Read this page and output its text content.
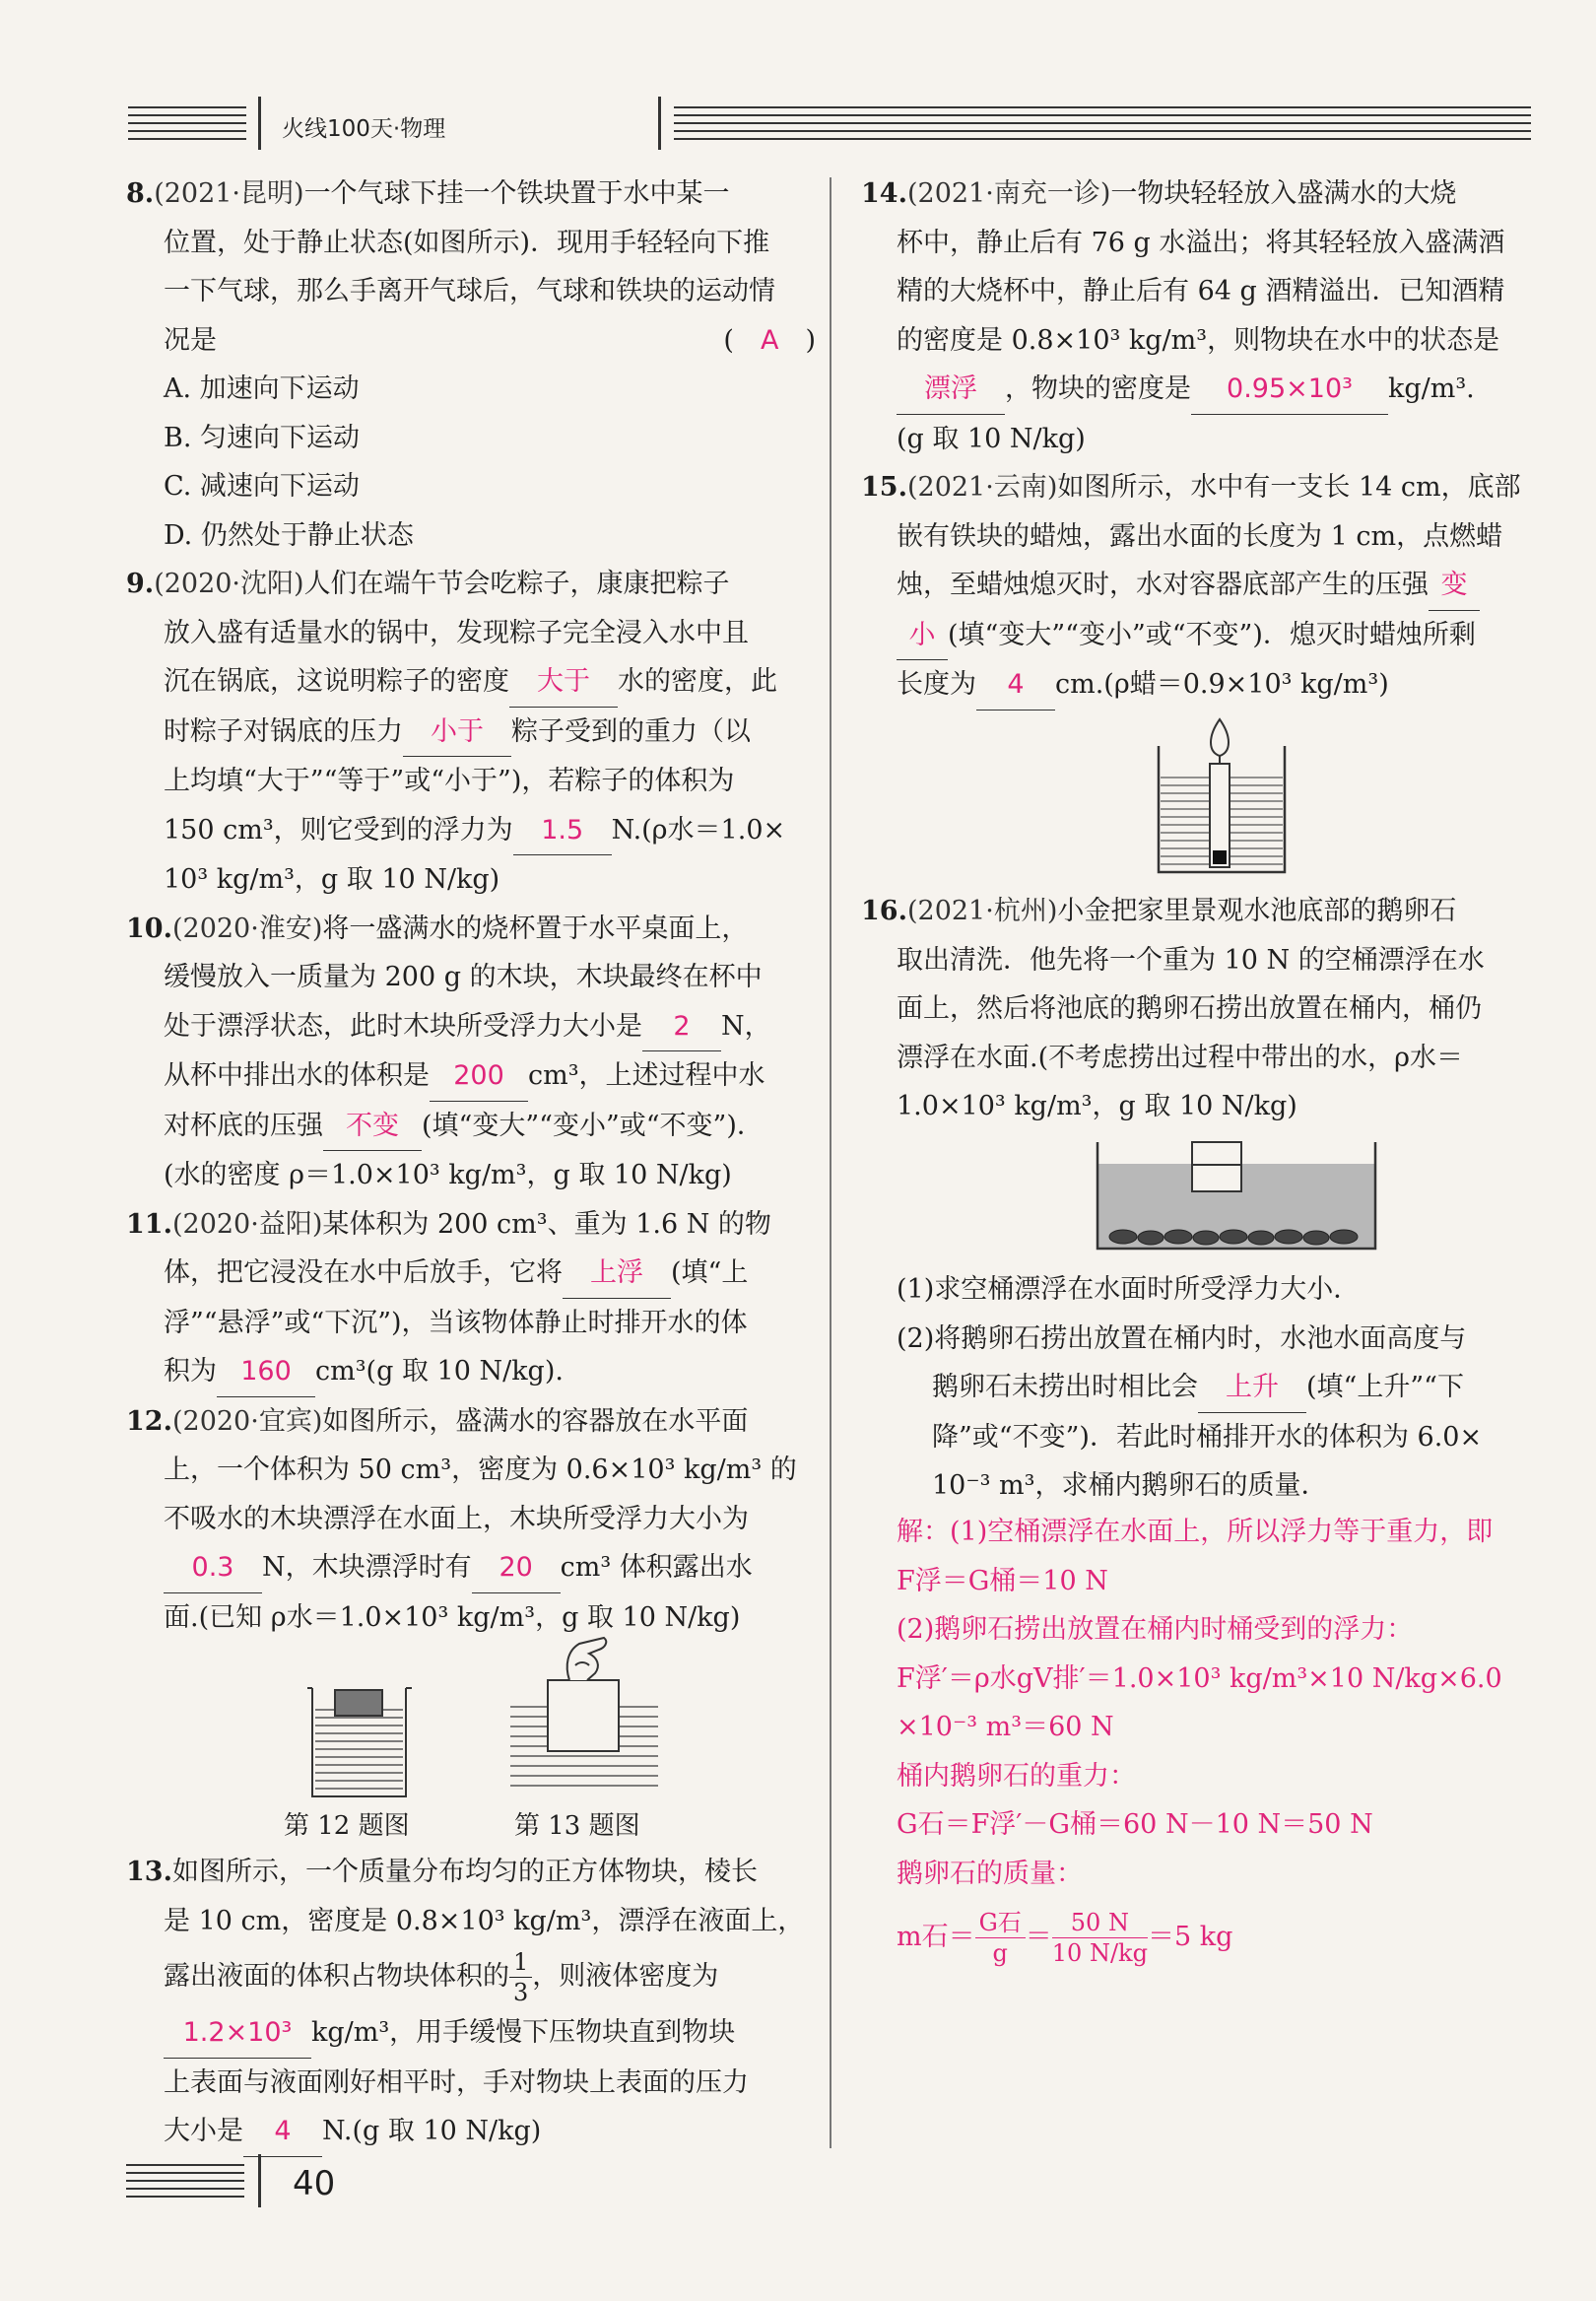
火线100天·物理

8.(2021·昆明)一个气球下挂一个铁块置于水中某一

位置，处于静止状态(如图所示)．现用手轻轻向下推

一下气球，那么手离开气球后，气球和铁块的运动情

况是	(　A　)

A. 加速向下运动

B. 匀速向下运动

C. 减速向下运动

D. 仍然处于静止状态

9.(2020·沈阳)人们在端午节会吃粽子，康康把粽子

放入盛有适量水的锅中，发现粽子完全浸入水中且

沉在锅底，这说明粽子的密度 大于 水的密度，此

时粽子对锅底的压力 小于 粽子受到的重力（以

上均填“大于”“等于”或“小于”)，若粽子的体积为

150 cm³，则它受到的浮力为 1.5 N.(ρ水＝1.0×

10³ kg/m³，g 取 10 N/kg)

10.(2020·淮安)将一盛满水的烧杯置于水平桌面上，

缓慢放入一质量为 200 g 的木块，木块最终在杯中

处于漂浮状态，此时木块所受浮力大小是 2 N，

从杯中排出水的体积是 200 cm³，上述过程中水

对杯底的压强 不变 (填“变大”“变小”或“不变”)．

(水的密度 ρ＝1.0×10³ kg/m³，g 取 10 N/kg)

11.(2020·益阳)某体积为 200 cm³、重为 1.6 N 的物

体，把它浸没在水中后放手，它将 上浮 (填“上

浮”“悬浮”或“下沉”)，当该物体静止时排开水的体

积为 160 cm³(g 取 10 N/kg).

12.(2020·宜宾)如图所示，盛满水的容器放在水平面

上，一个体积为 50 cm³，密度为 0.6×10³ kg/m³ 的

不吸水的木块漂浮在水面上，木块所受浮力大小为

0.3 N，木块漂浮时有 20 cm³ 体积露出水

面.(已知 ρ水＝1.0×10³ kg/m³，g 取 10 N/kg)

第 12 题图	第 13 题图

13.如图所示，一个质量分布均匀的正方体物块，棱长

是 10 cm，密度是 0.8×10³ kg/m³，漂浮在液面上，

露出液面的体积占物块体积的 $\frac{1}{3}$ ，则液体密度为

1.2×10³ kg/m³，用手缓慢下压物块直到物块

上表面与液面刚好相平时，手对物块上表面的压力

大小是 4 N.(g 取 10 N/kg)

14.(2021·南充一诊)一物块轻轻放入盛满水的大烧

杯中，静止后有 76 g 水溢出；将其轻轻放入盛满酒

精的大烧杯中，静止后有 64 g 酒精溢出．已知酒精

的密度是 0.8×10³ kg/m³，则物块在水中的状态是

漂浮 ，物块的密度是 0.95×10³ kg/m³.

(g 取 10 N/kg)

15.(2021·云南)如图所示，水中有一支长 14 cm，底部

嵌有铁块的蜡烛，露出水面的长度为 1 cm，点燃蜡

烛，至蜡烛熄灭时，水对容器底部产生的压强 变

小 (填“变大”“变小”或“不变”)．熄灭时蜡烛所剩

长度为 4 cm.(ρ蜡＝0.9×10³ kg/m³)

16.(2021·杭州)小金把家里景观水池底部的鹅卵石

取出清洗．他先将一个重为 10 N 的空桶漂浮在水

面上，然后将池底的鹅卵石捞出放置在桶内，桶仍

漂浮在水面.(不考虑捞出过程中带出的水，ρ水＝

1.0×10³ kg/m³，g 取 10 N/kg)

(1)求空桶漂浮在水面时所受浮力大小．

(2)将鹅卵石捞出放置在桶内时，水池水面高度与

鹅卵石未捞出时相比会 上升 (填“上升”“下

降”或“不变”)．若此时桶排开水的体积为 6.0×

10⁻³ m³，求桶内鹅卵石的质量．

解：(1)空桶漂浮在水面上，所以浮力等于重力，即

F浮＝G桶＝10 N

(2)鹅卵石捞出放置在桶内时桶受到的浮力：

F浮′＝ρ水gV排′＝1.0×10³ kg/m³×10 N/kg×6.0

×10⁻³ m³＝60 N

桶内鹅卵石的重力：

G石＝F浮′－G桶＝60 N－10 N＝50 N

鹅卵石的质量：

m石＝ $\frac{\text{G石}}{g} = \frac{50 N}{10 N/kg} =5$ kg

40
